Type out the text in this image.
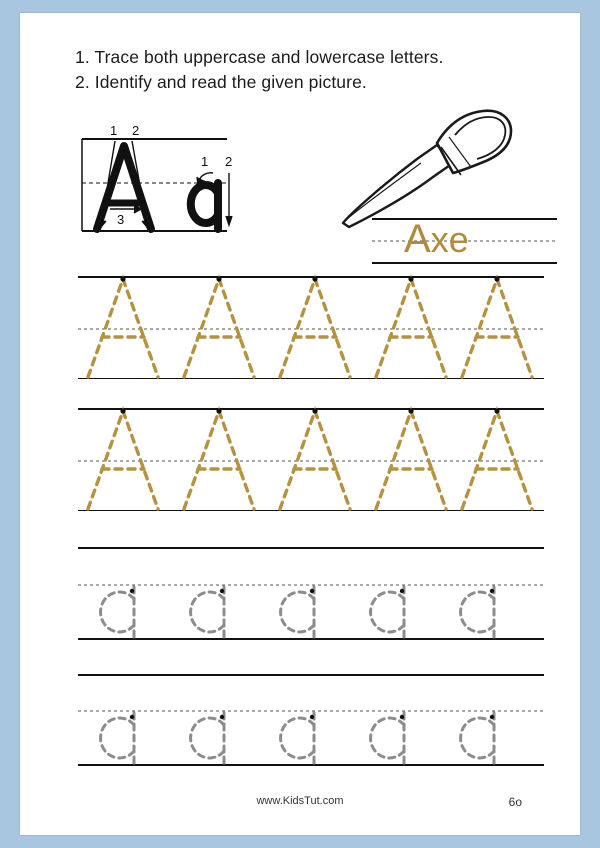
1. Trace both uppercase and lowercase letters.
2. Identify and read the given picture.
1 2
3
1 2
Axe
www.KidsTut.com	6o
